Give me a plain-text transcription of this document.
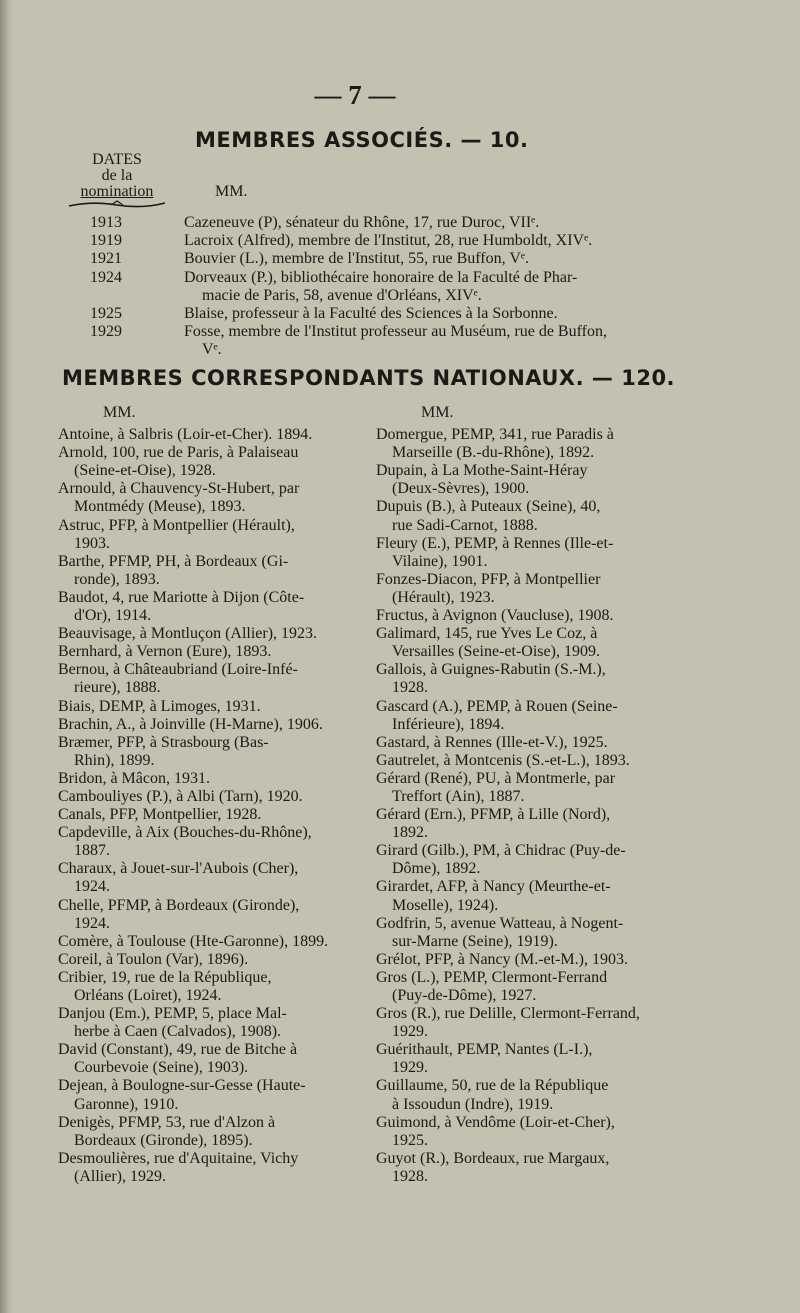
— 7 —
MEMBRES ASSOCIÉS. — 10.
DATES
de la
nomination	MM.
1913	Cazeneuve (P), sénateur du Rhône, 17, rue Duroc, VIIᵉ.
1919	Lacroix (Alfred), membre de l'Institut, 28, rue Humboldt, XIVᵉ.
1921	Bouvier (L.), membre de l'Institut, 55, rue Buffon, Vᵉ.
1924	Dorveaux (P.), bibliothécaire honoraire de la Faculté de Phar-
macie de Paris, 58, avenue d'Orléans, XIVᵉ.
1925	Blaise, professeur à la Faculté des Sciences à la Sorbonne.
1929	Fosse, membre de l'Institut professeur au Muséum, rue de Buffon,
Vᵉ.
MEMBRES CORRESPONDANTS NATIONAUX. — 120.
MM.
Antoine, à Salbris (Loir-et-Cher). 1894.
Arnold, 100, rue de Paris, à Palaiseau
(Seine-et-Oise), 1928.
Arnould, à Chauvency-St-Hubert, par
Montmédy (Meuse), 1893.
Astruc, PFP, à Montpellier (Hérault),
1903.
Barthe, PFMP, PH, à Bordeaux (Gi-
ronde), 1893.
Baudot, 4, rue Mariotte à Dijon (Côte-
d'Or), 1914.
Beauvisage, à Montluçon (Allier), 1923.
Bernhard, à Vernon (Eure), 1893.
Bernou, à Châteaubriand (Loire-Infé-
rieure), 1888.
Biais, DEMP, à Limoges, 1931.
Brachin, A., à Joinville (H-Marne), 1906.
Bræmer, PFP, à Strasbourg (Bas-
Rhin), 1899.
Bridon, à Mâcon, 1931.
Cambouliyes (P.), à Albi (Tarn), 1920.
Canals, PFP, Montpellier, 1928.
Capdeville, à Aix (Bouches-du-Rhône),
1887.
Charaux, à Jouet-sur-l'Aubois (Cher),
1924.
Chelle, PFMP, à Bordeaux (Gironde),
1924.
Comère, à Toulouse (Hte-Garonne), 1899.
Coreil, à Toulon (Var), 1896).
Cribier, 19, rue de la République,
Orléans (Loiret), 1924.
Danjou (Em.), PEMP, 5, place Mal-
herbe à Caen (Calvados), 1908).
David (Constant), 49, rue de Bitche à
Courbevoie (Seine), 1903).
Dejean, à Boulogne-sur-Gesse (Haute-
Garonne), 1910.
Denigès, PFMP, 53, rue d'Alzon à
Bordeaux (Gironde), 1895).
Desmoulières, rue d'Aquitaine, Vichy
(Allier), 1929.
MM.
Domergue, PEMP, 341, rue Paradis à
Marseille (B.-du-Rhône), 1892.
Dupain, à La Mothe-Saint-Héray
(Deux-Sèvres), 1900.
Dupuis (B.), à Puteaux (Seine), 40,
rue Sadi-Carnot, 1888.
Fleury (E.), PEMP, à Rennes (Ille-et-
Vilaine), 1901.
Fonzes-Diacon, PFP, à Montpellier
(Hérault), 1923.
Fructus, à Avignon (Vaucluse), 1908.
Galimard, 145, rue Yves Le Coz, à
Versailles (Seine-et-Oise), 1909.
Gallois, à Guignes-Rabutin (S.-M.),
1928.
Gascard (A.), PEMP, à Rouen (Seine-
Inférieure), 1894.
Gastard, à Rennes (Ille-et-V.), 1925.
Gautrelet, à Montcenis (S.-et-L.), 1893.
Gérard (René), PU, à Montmerle, par
Treffort (Ain), 1887.
Gérard (Ern.), PFMP, à Lille (Nord),
1892.
Girard (Gilb.), PM, à Chidrac (Puy-de-
Dôme), 1892.
Girardet, AFP, à Nancy (Meurthe-et-
Moselle), 1924).
Godfrin, 5, avenue Watteau, à Nogent-
sur-Marne (Seine), 1919).
Grélot, PFP, à Nancy (M.-et-M.), 1903.
Gros (L.), PEMP, Clermont-Ferrand
(Puy-de-Dôme), 1927.
Gros (R.), rue Delille, Clermont-Ferrand,
1929.
Guérithault, PEMP, Nantes (L-I.),
1929.
Guillaume, 50, rue de la République
à Issoudun (Indre), 1919.
Guimond, à Vendôme (Loir-et-Cher),
1925.
Guyot (R.), Bordeaux, rue Margaux,
1928.
